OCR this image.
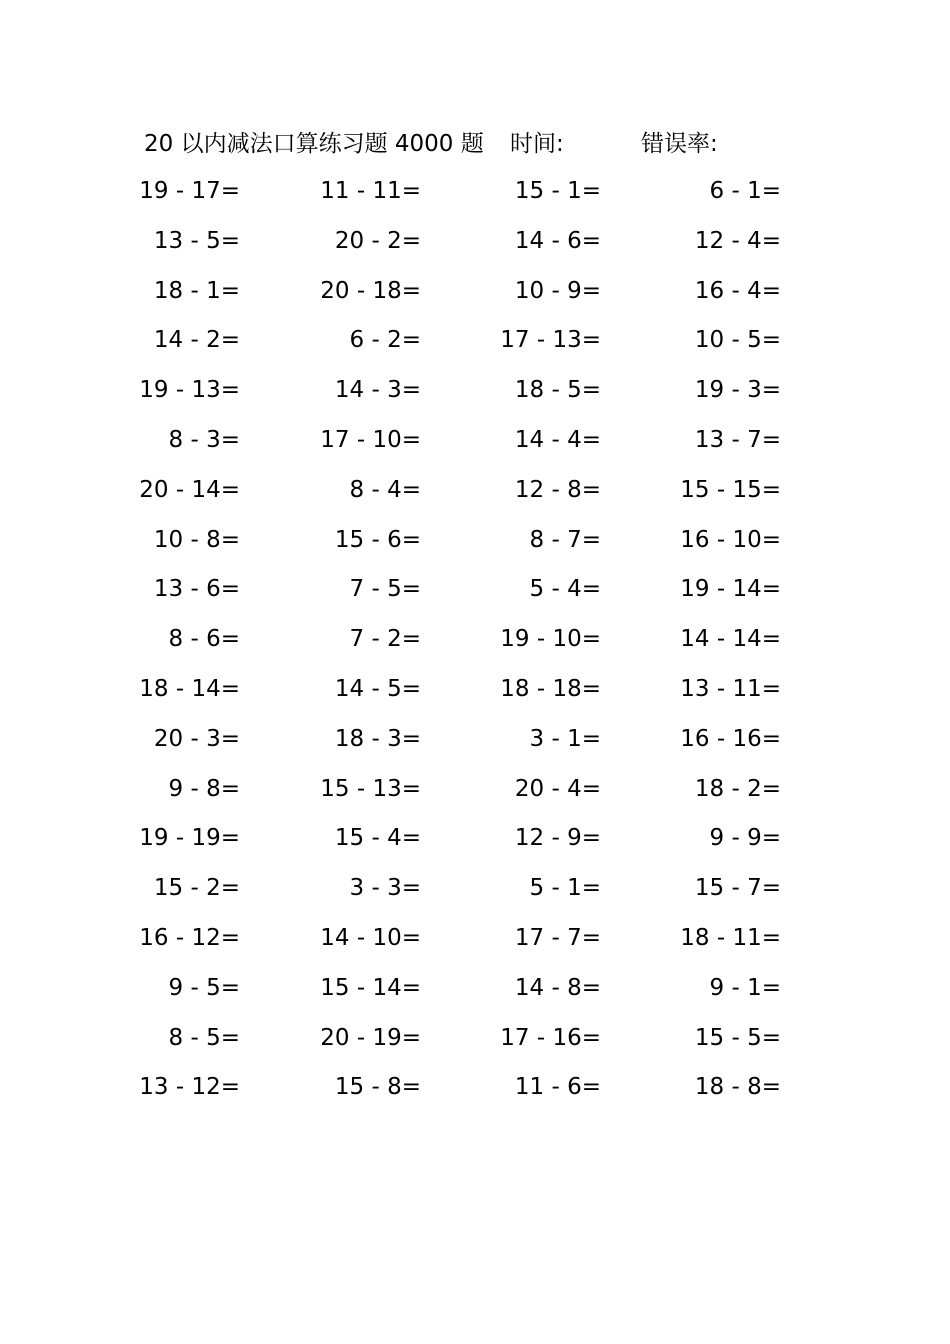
20 以内减法口算练习题 4000 题 时间:	错误率:
19 - 17=	11 - 11=	15 - 1=	6 - 1=
13 - 5=	20 - 2=	14 - 6=	12 - 4=
18 - 1=	20 - 18=	10 - 9=	16 - 4=
14 - 2=	6 - 2=	17 - 13=	10 - 5=
19 - 13=	14 - 3=	18 - 5=	19 - 3=
8 - 3=	17 - 10=	14 - 4=	13 - 7=
20 - 14=	8 - 4=	12 - 8=	15 - 15=
10 - 8=	15 - 6=	8 - 7=	16 - 10=
13 - 6=	7 - 5=	5 - 4=	19 - 14=
8 - 6=	7 - 2=	19 - 10=	14 - 14=
18 - 14=	14 - 5=	18 - 18=	13 - 11=
20 - 3=	18 - 3=	3 - 1=	16 - 16=
9 - 8=	15 - 13=	20 - 4=	18 - 2=
19 - 19=	15 - 4=	12 - 9=	9 - 9=
15 - 2=	3 - 3=	5 - 1=	15 - 7=
16 - 12=	14 - 10=	17 - 7=	18 - 11=
9 - 5=	15 - 14=	14 - 8=	9 - 1=
8 - 5=	20 - 19=	17 - 16=	15 - 5=
13 - 12=	15 - 8=	11 - 6=	18 - 8=
